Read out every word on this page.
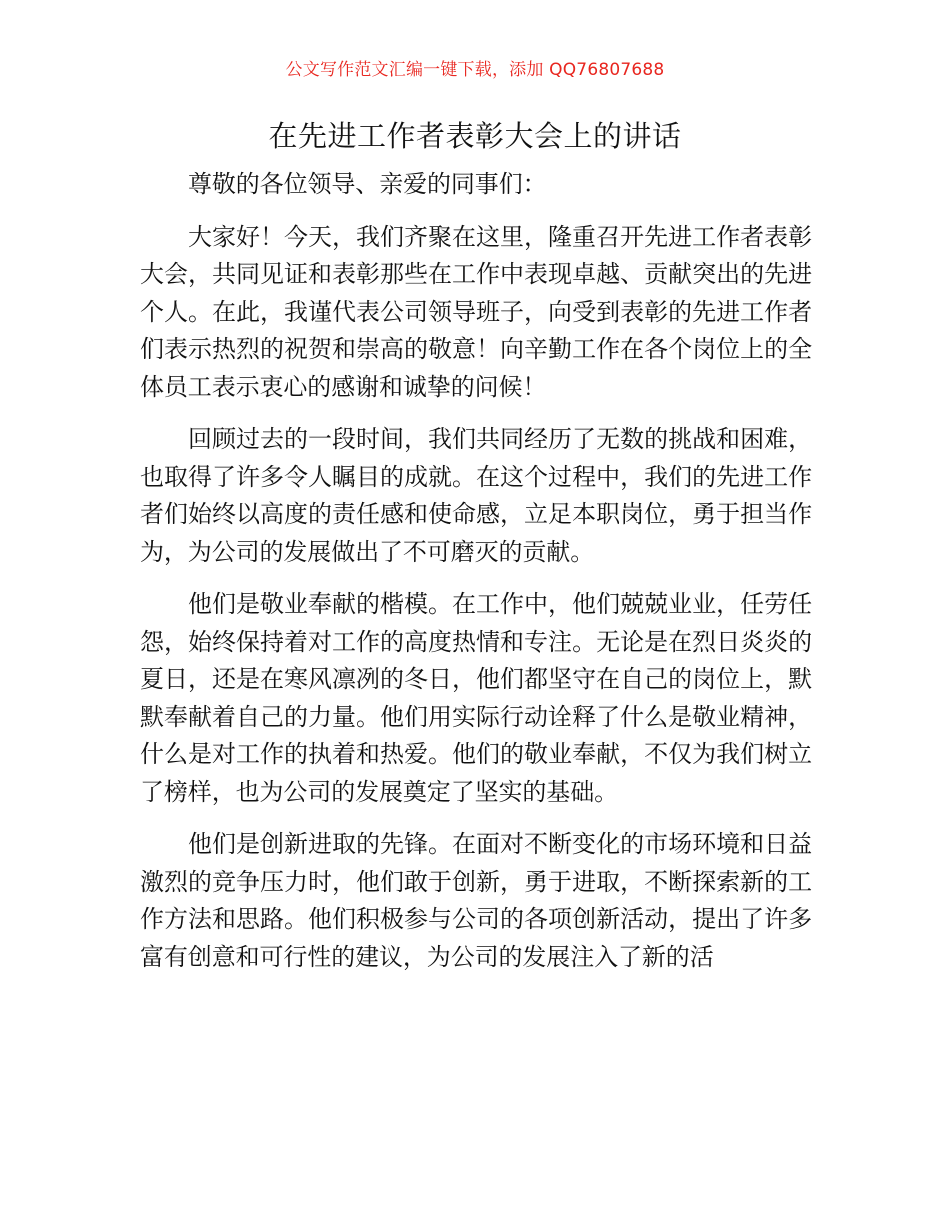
公文写作范文汇编一键下载，添加 QQ76807688
在先进工作者表彰大会上的讲话

尊敬的各位领导、亲爱的同事们：

大家好！今天，我们齐聚在这里，隆重召开先进工作者表彰大会，共同见证和表彰那些在工作中表现卓越、贡献突出的先进个人。在此，我谨代表公司领导班子，向受到表彰的先进工作者们表示热烈的祝贺和崇高的敬意！向辛勤工作在各个岗位上的全体员工表示衷心的感谢和诚挚的问候！

回顾过去的一段时间，我们共同经历了无数的挑战和困难，也取得了许多令人瞩目的成就。在这个过程中，我们的先进工作者们始终以高度的责任感和使命感，立足本职岗位，勇于担当作为，为公司的发展做出了不可磨灭的贡献。

他们是敬业奉献的楷模。在工作中，他们兢兢业业，任劳任怨，始终保持着对工作的高度热情和专注。无论是在烈日炎炎的夏日，还是在寒风凛冽的冬日，他们都坚守在自己的岗位上，默默奉献着自己的力量。他们用实际行动诠释了什么是敬业精神，什么是对工作的执着和热爱。他们的敬业奉献，不仅为我们树立了榜样，也为公司的发展奠定了坚实的基础。

他们是创新进取的先锋。在面对不断变化的市场环境和日益激烈的竞争压力时，他们敢于创新，勇于进取，不断探索新的工作方法和思路。他们积极参与公司的各项创新活动，提出了许多富有创意和可行性的建议，为公司的发展注入了新的活
